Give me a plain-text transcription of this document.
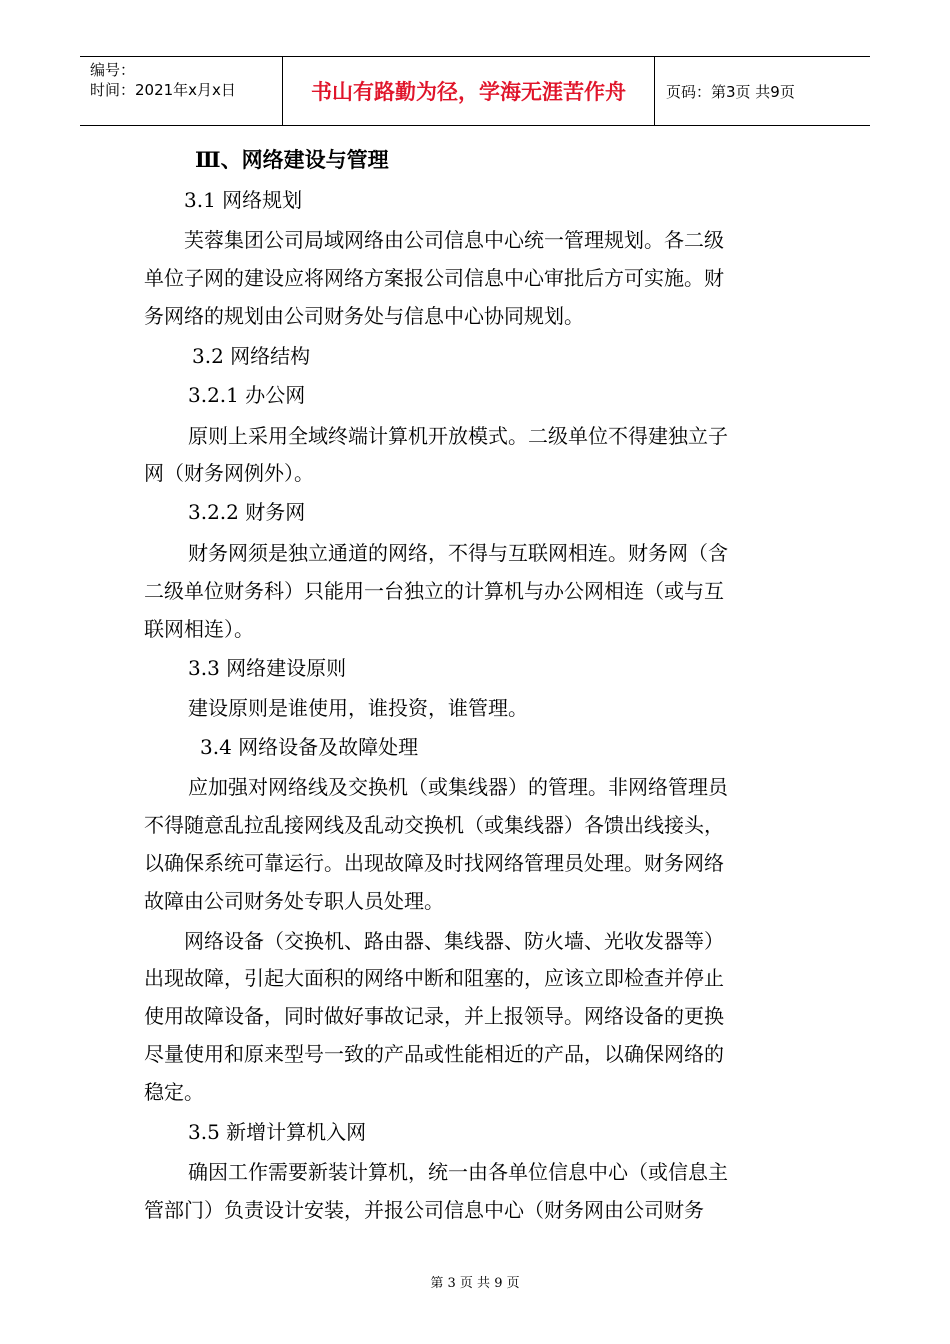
编号：
时间：2021年x月x日	书山有路勤为径，学海无涯苦作舟	页码：第3页 共9页
Ⅲ、网络建设与管理
3.1 网络规划
芙蓉集团公司局域网络由公司信息中心统一管理规划。各二级
单位子网的建设应将网络方案报公司信息中心审批后方可实施。财
务网络的规划由公司财务处与信息中心协同规划。
3.2 网络结构
3.2.1 办公网
原则上采用全域终端计算机开放模式。二级单位不得建独立子
网（财务网例外）。
3.2.2 财务网
财务网须是独立通道的网络，不得与互联网相连。财务网（含
二级单位财务科）只能用一台独立的计算机与办公网相连（或与互
联网相连）。
3.3 网络建设原则
建设原则是谁使用，谁投资，谁管理。
3.4 网络设备及故障处理
应加强对网络线及交换机（或集线器）的管理。非网络管理员
不得随意乱拉乱接网线及乱动交换机（或集线器）各馈出线接头，
以确保系统可靠运行。出现故障及时找网络管理员处理。财务网络
故障由公司财务处专职人员处理。
网络设备（交换机、路由器、集线器、防火墙、光收发器等）
出现故障，引起大面积的网络中断和阻塞的，应该立即检查并停止
使用故障设备，同时做好事故记录，并上报领导。网络设备的更换
尽量使用和原来型号一致的产品或性能相近的产品，以确保网络的
稳定。
3.5 新增计算机入网
确因工作需要新装计算机，统一由各单位信息中心（或信息主
管部门）负责设计安装，并报公司信息中心（财务网由公司财务
第 3 页 共 9 页
